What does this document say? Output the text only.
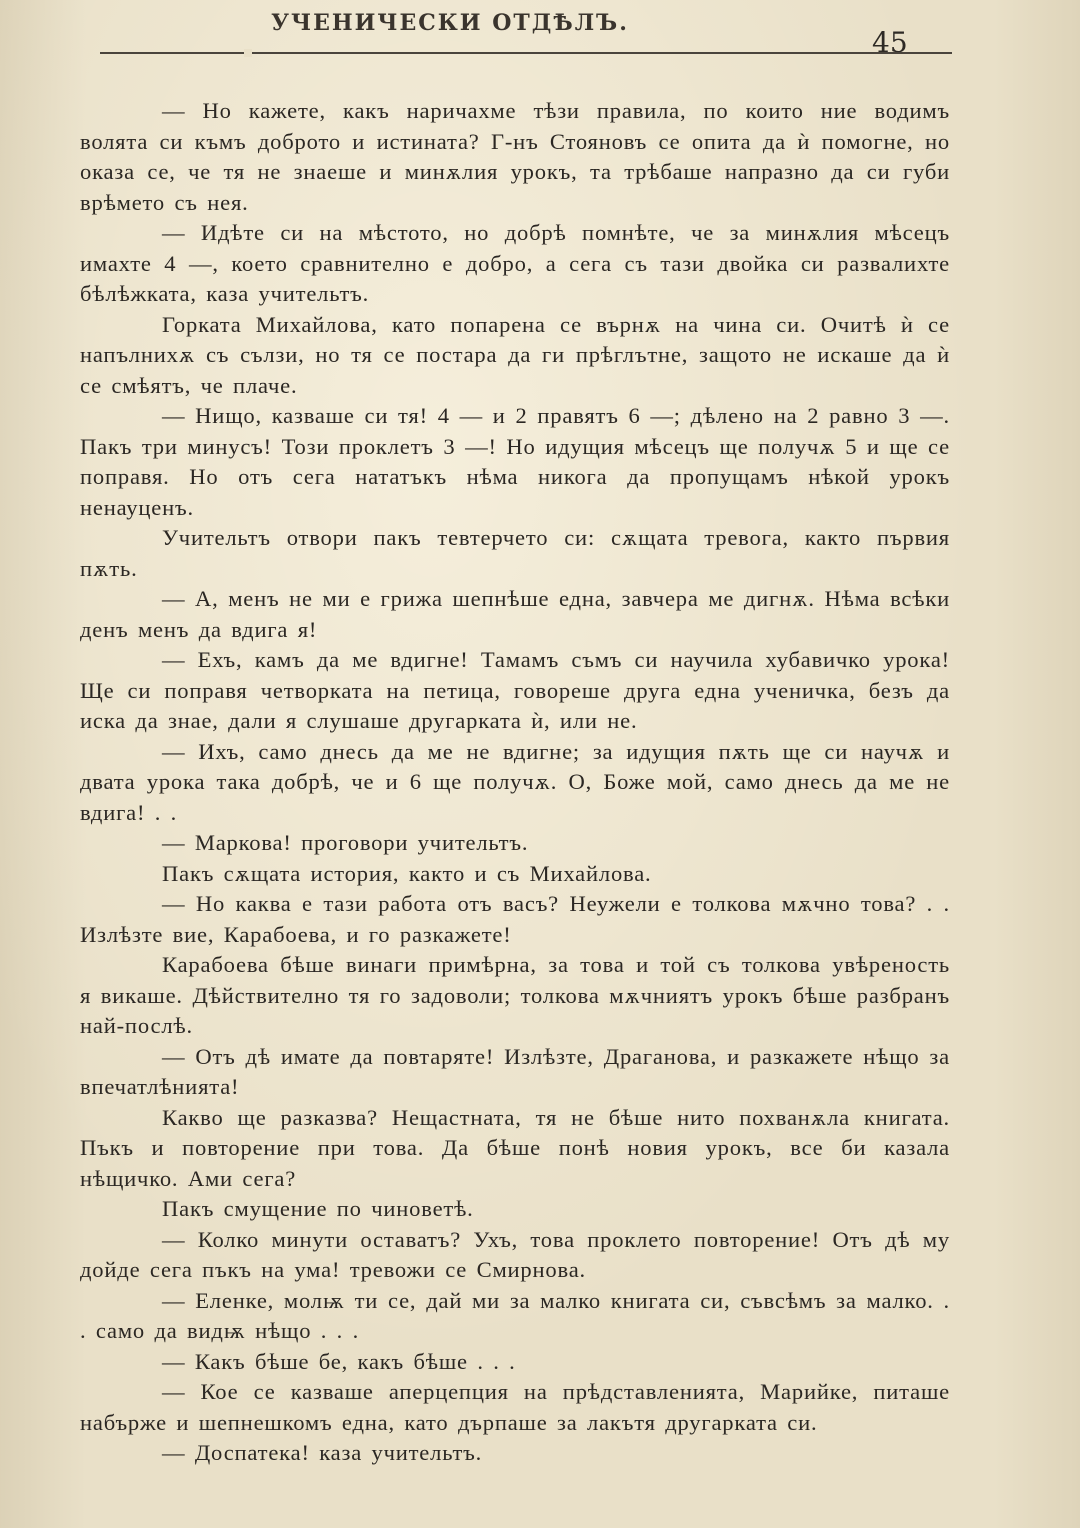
УЧЕНИЧЕСКИ ОТДѢЛЪ.
45

— Но кажете, какъ наричахме тѣзи правила, по които ние водимъ волята си къмъ доброто и истината? Г-нъ Стояновъ се опита да ѝ помогне, но оказа се, че тя не знаеше и минѫлия урокъ, та трѣбаше напразно да си губи врѣмето съ нея.

— Идѣте си на мѣстото, но добрѣ помнѣте, че за минѫлия мѣсецъ имахте 4 —, което сравнително е добро, а сега съ тази двойка си развалихте бѣлѣжката, каза учительтъ.

Горката Михайлова, като попарена се върнѫ на чина си. Очитѣ ѝ се напълнихѫ съ сълзи, но тя се постара да ги прѣглътне, защото не искаше да ѝ се смѣятъ, че плаче.

— Нищо, казваше си тя! 4 — и 2 правятъ 6 —; дѣлено на 2 равно 3 —. Пакъ три минусъ! Този проклетъ 3 —! Но идущия мѣсецъ ще получѫ 5 и ще се поправя. Но отъ сега нататъкъ нѣма никога да пропущамъ нѣкой урокъ ненауценъ.

Учительтъ отвори пакъ тевтерчето си: сѫщата тревога, както първия пѫть.

— А, менъ не ми е грижа шепнѣше една, завчера ме дигнѫ. Нѣма всѣки денъ менъ да вдига я!

— Ехъ, камъ да ме вдигне! Тамамъ съмъ си научила хубавичко урока! Ще си поправя четворката на петица, говореше друга една ученичка, безъ да иска да знае, дали я слушаше другарката ѝ, или не.

— Ихъ, само днесь да ме не вдигне; за идущия пѫть ще си научѫ и двата урока така добрѣ, че и 6 ще получѫ. О, Боже мой, само днесь да ме не вдига! . .

— Маркова! проговори учительтъ.

Пакъ сѫщата история, както и съ Михайлова.

— Но каква е тази работа отъ васъ? Неужели е толкова мѫчно това? . . Излѣзте вие, Карабоева, и го разкажете!

Карабоева бѣше винаги примѣрна, за това и той съ толкова увѣреность я викаше. Дѣйствително тя го задоволи; толкова мѫчниятъ урокъ бѣше разбранъ най-послѣ.

— Отъ дѣ имате да повтаряте! Излѣзте, Драганова, и разкажете нѣщо за впечатлѣнията!

Какво ще разказва? Нещастната, тя не бѣше нито похванѫла книгата. Пъкъ и повторение при това. Да бѣше понѣ новия урокъ, все би казала нѣщичко. Ами сега?

Пакъ смущение по чиноветѣ.

— Колко минути оставатъ? Ухъ, това проклето повторение! Отъ дѣ му дойде сега пъкъ на ума! тревожи се Смирнова.

— Еленке, молѭ ти се, дай ми за малко книгата си, съвсѣмъ за малко. . . само да видѭ нѣщо . . .

— Какъ бѣше бе, какъ бѣше . . .

— Кое се казваше аперцепция на прѣдставленията, Марийке, питаше набърже и шепнешкомъ една, като дърпаше за лакътя другарката си.

— Доспатека! каза учительтъ.
